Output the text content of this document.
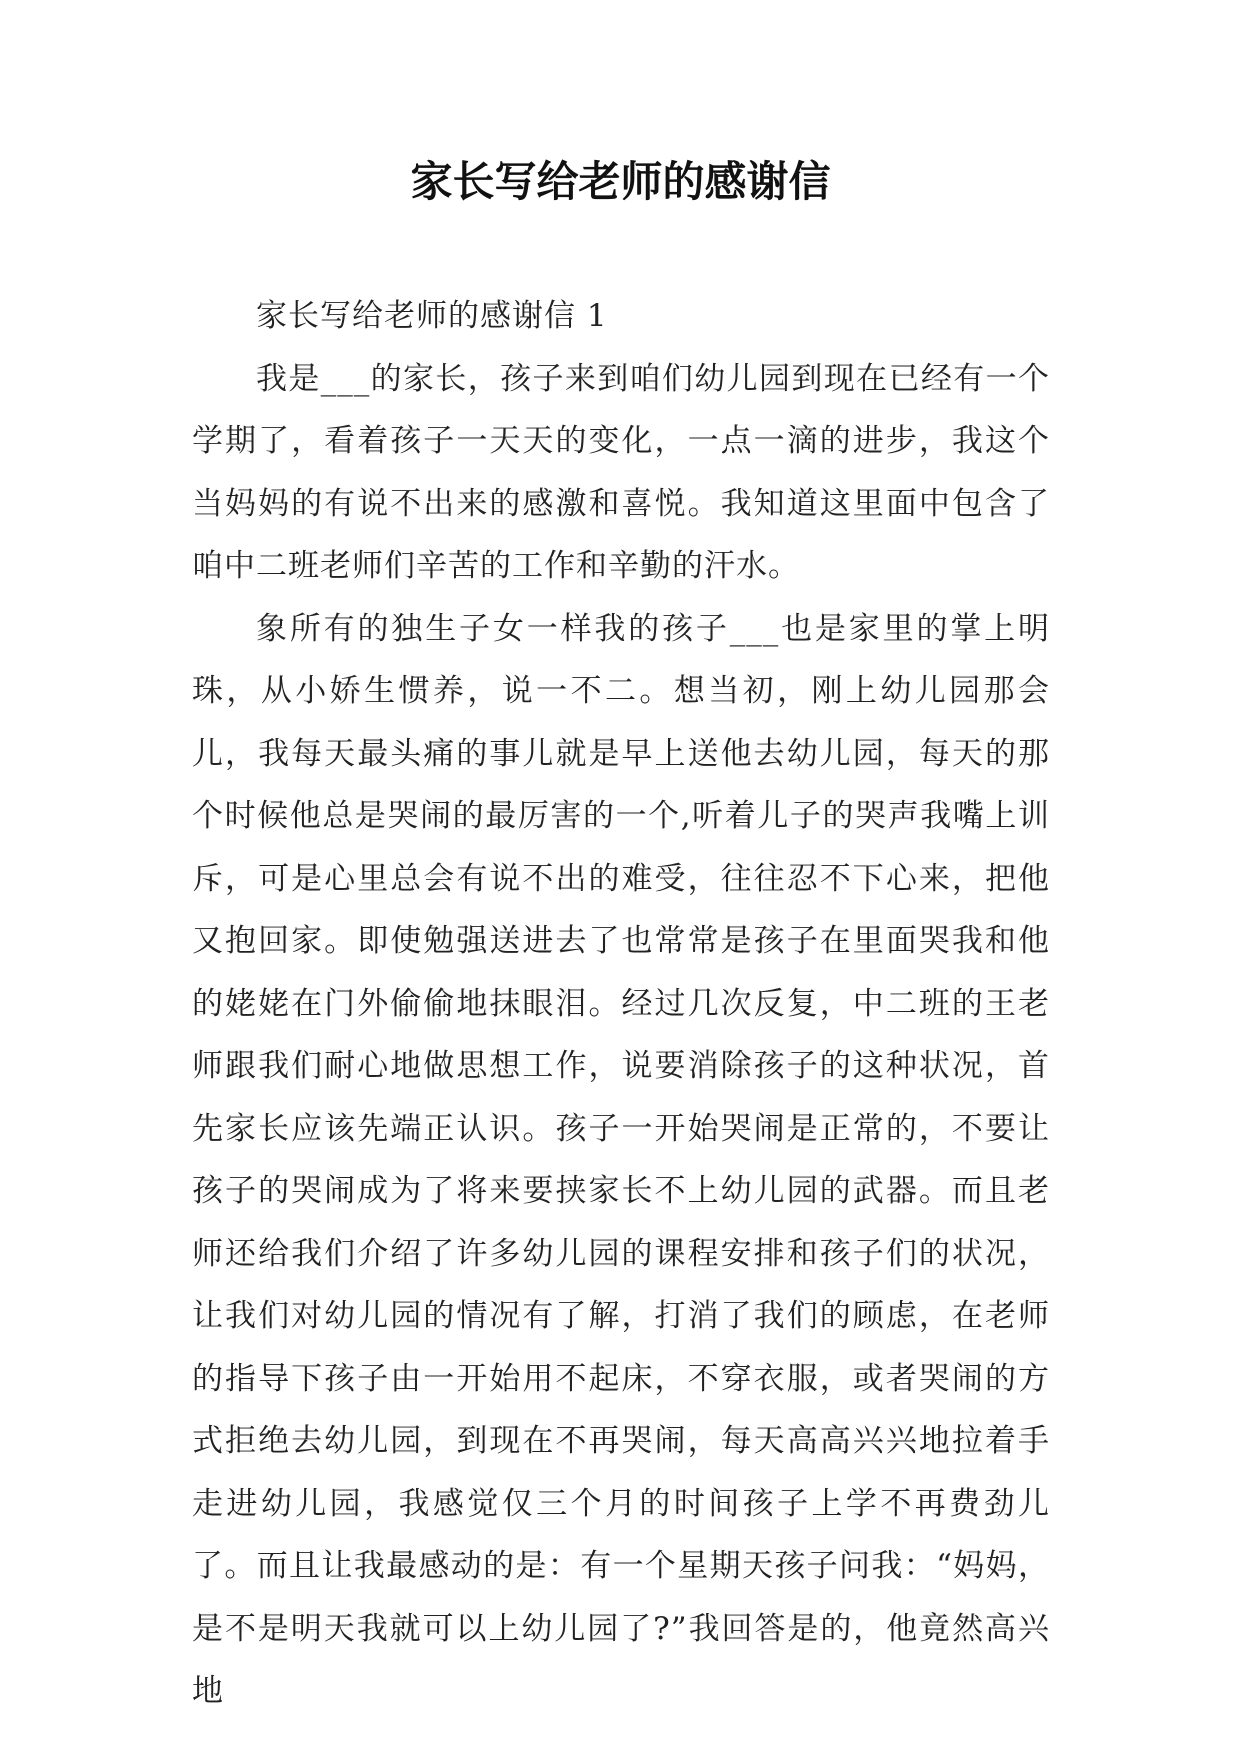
家长写给老师的感谢信

家长写给老师的感谢信 1

我是___的家长，孩子来到咱们幼儿园到现在已经有一个学期了，看着孩子一天天的变化，一点一滴的进步，我这个当妈妈的有说不出来的感激和喜悦。我知道这里面中包含了咱中二班老师们辛苦的工作和辛勤的汗水。

象所有的独生子女一样我的孩子___也是家里的掌上明珠，从小娇生惯养，说一不二。想当初，刚上幼儿园那会儿，我每天最头痛的事儿就是早上送他去幼儿园，每天的那个时候他总是哭闹的最厉害的一个,听着儿子的哭声我嘴上训斥，可是心里总会有说不出的难受，往往忍不下心来，把他又抱回家。即使勉强送进去了也常常是孩子在里面哭我和他的姥姥在门外偷偷地抹眼泪。经过几次反复，中二班的王老师跟我们耐心地做思想工作，说要消除孩子的这种状况，首先家长应该先端正认识。孩子一开始哭闹是正常的，不要让孩子的哭闹成为了将来要挟家长不上幼儿园的武器。而且老师还给我们介绍了许多幼儿园的课程安排和孩子们的状况，让我们对幼儿园的情况有了解，打消了我们的顾虑，在老师的指导下孩子由一开始用不起床，不穿衣服，或者哭闹的方式拒绝去幼儿园，到现在不再哭闹，每天高高兴兴地拉着手走进幼儿园，我感觉仅三个月的时间孩子上学不再费劲儿了。而且让我最感动的是：有一个星期天孩子问我：“妈妈，是不是明天我就可以上幼儿园了?”我回答是的，他竟然高兴地
